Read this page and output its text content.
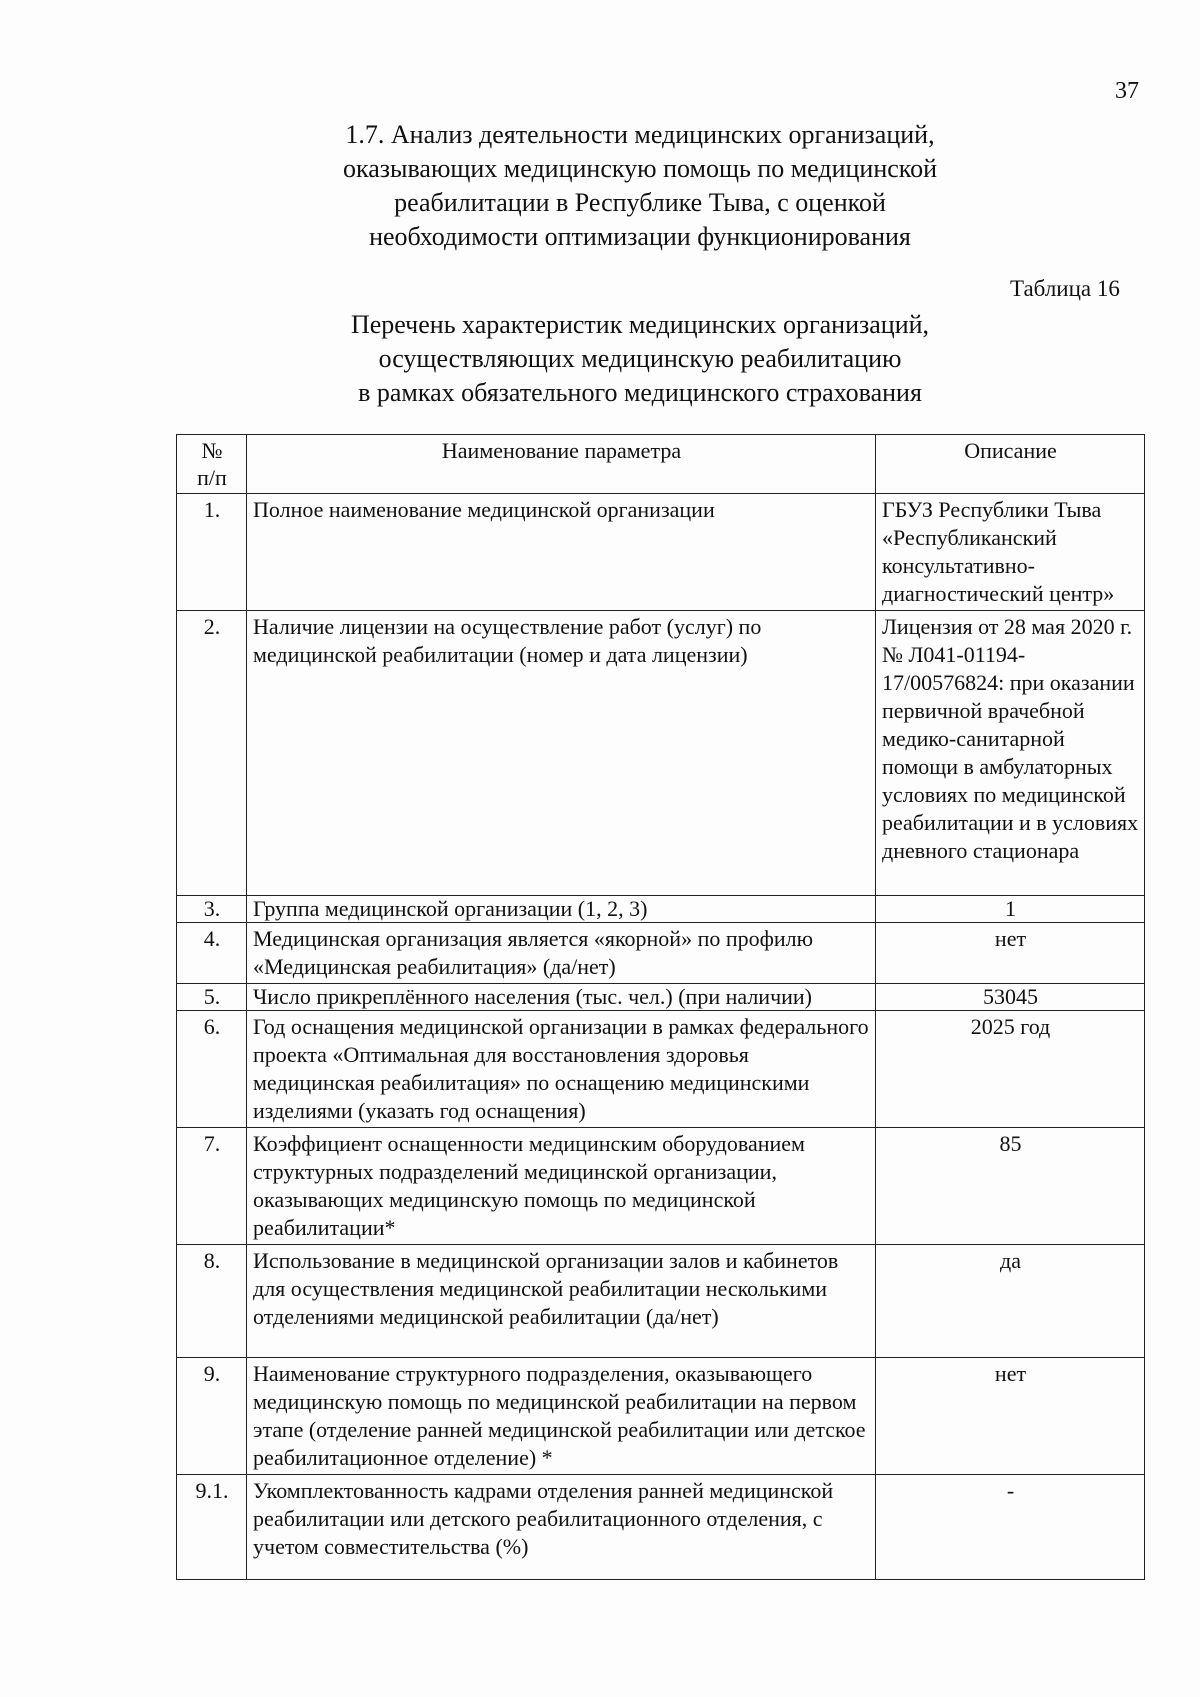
37
1.7. Анализ деятельности медицинских организаций,
оказывающих медицинскую помощь по медицинской
реабилитации в Республике Тыва, с оценкой
необходимости оптимизации функционирования
Таблица 16
Перечень характеристик медицинских организаций,
осуществляющих медицинскую реабилитацию
в рамках обязательного медицинского страхования
№
п/п	Наименование параметра	Описание
1.	Полное наименование медицинской организации	ГБУЗ Республики Тыва «Республиканский консультативно-диагностический центр»
2.	Наличие лицензии на осуществление работ (услуг) по медицинской реабилитации (номер и дата лицензии)	Лицензия от 28 мая 2020 г. № Л041-01194-17/00576824: при оказании первичной врачебной медико-санитарной помощи в амбулаторных условиях по медицинской реабилитации и в условиях дневного стационара
3.	Группа медицинской организации (1, 2, 3)	1
4.	Медицинская организация является «якорной» по профилю «Медицинская реабилитация» (да/нет)	нет
5.	Число прикреплённого населения (тыс. чел.) (при наличии)	53045
6.	Год оснащения медицинской организации в рамках федерального проекта «Оптимальная для восстановления здоровья медицинская реабилитация» по оснащению медицинскими изделиями (указать год оснащения)	2025 год
7.	Коэффициент оснащенности медицинским оборудованием структурных подразделений медицинской организации, оказывающих медицинскую помощь по медицинской реабилитации*	85
8.	Использование в медицинской организации залов и кабинетов для осуществления медицинской реабилитации несколькими отделениями медицинской реабилитации (да/нет)	да
9.	Наименование структурного подразделения, оказывающего медицинскую помощь по медицинской реабилитации на первом этапе (отделение ранней медицинской реабилитации или детское реабилитационное отделение) *	нет
9.1.	Укомплектованность кадрами отделения ранней медицинской реабилитации или детского реабилитационного отделения, с учетом совместительства (%)	-
